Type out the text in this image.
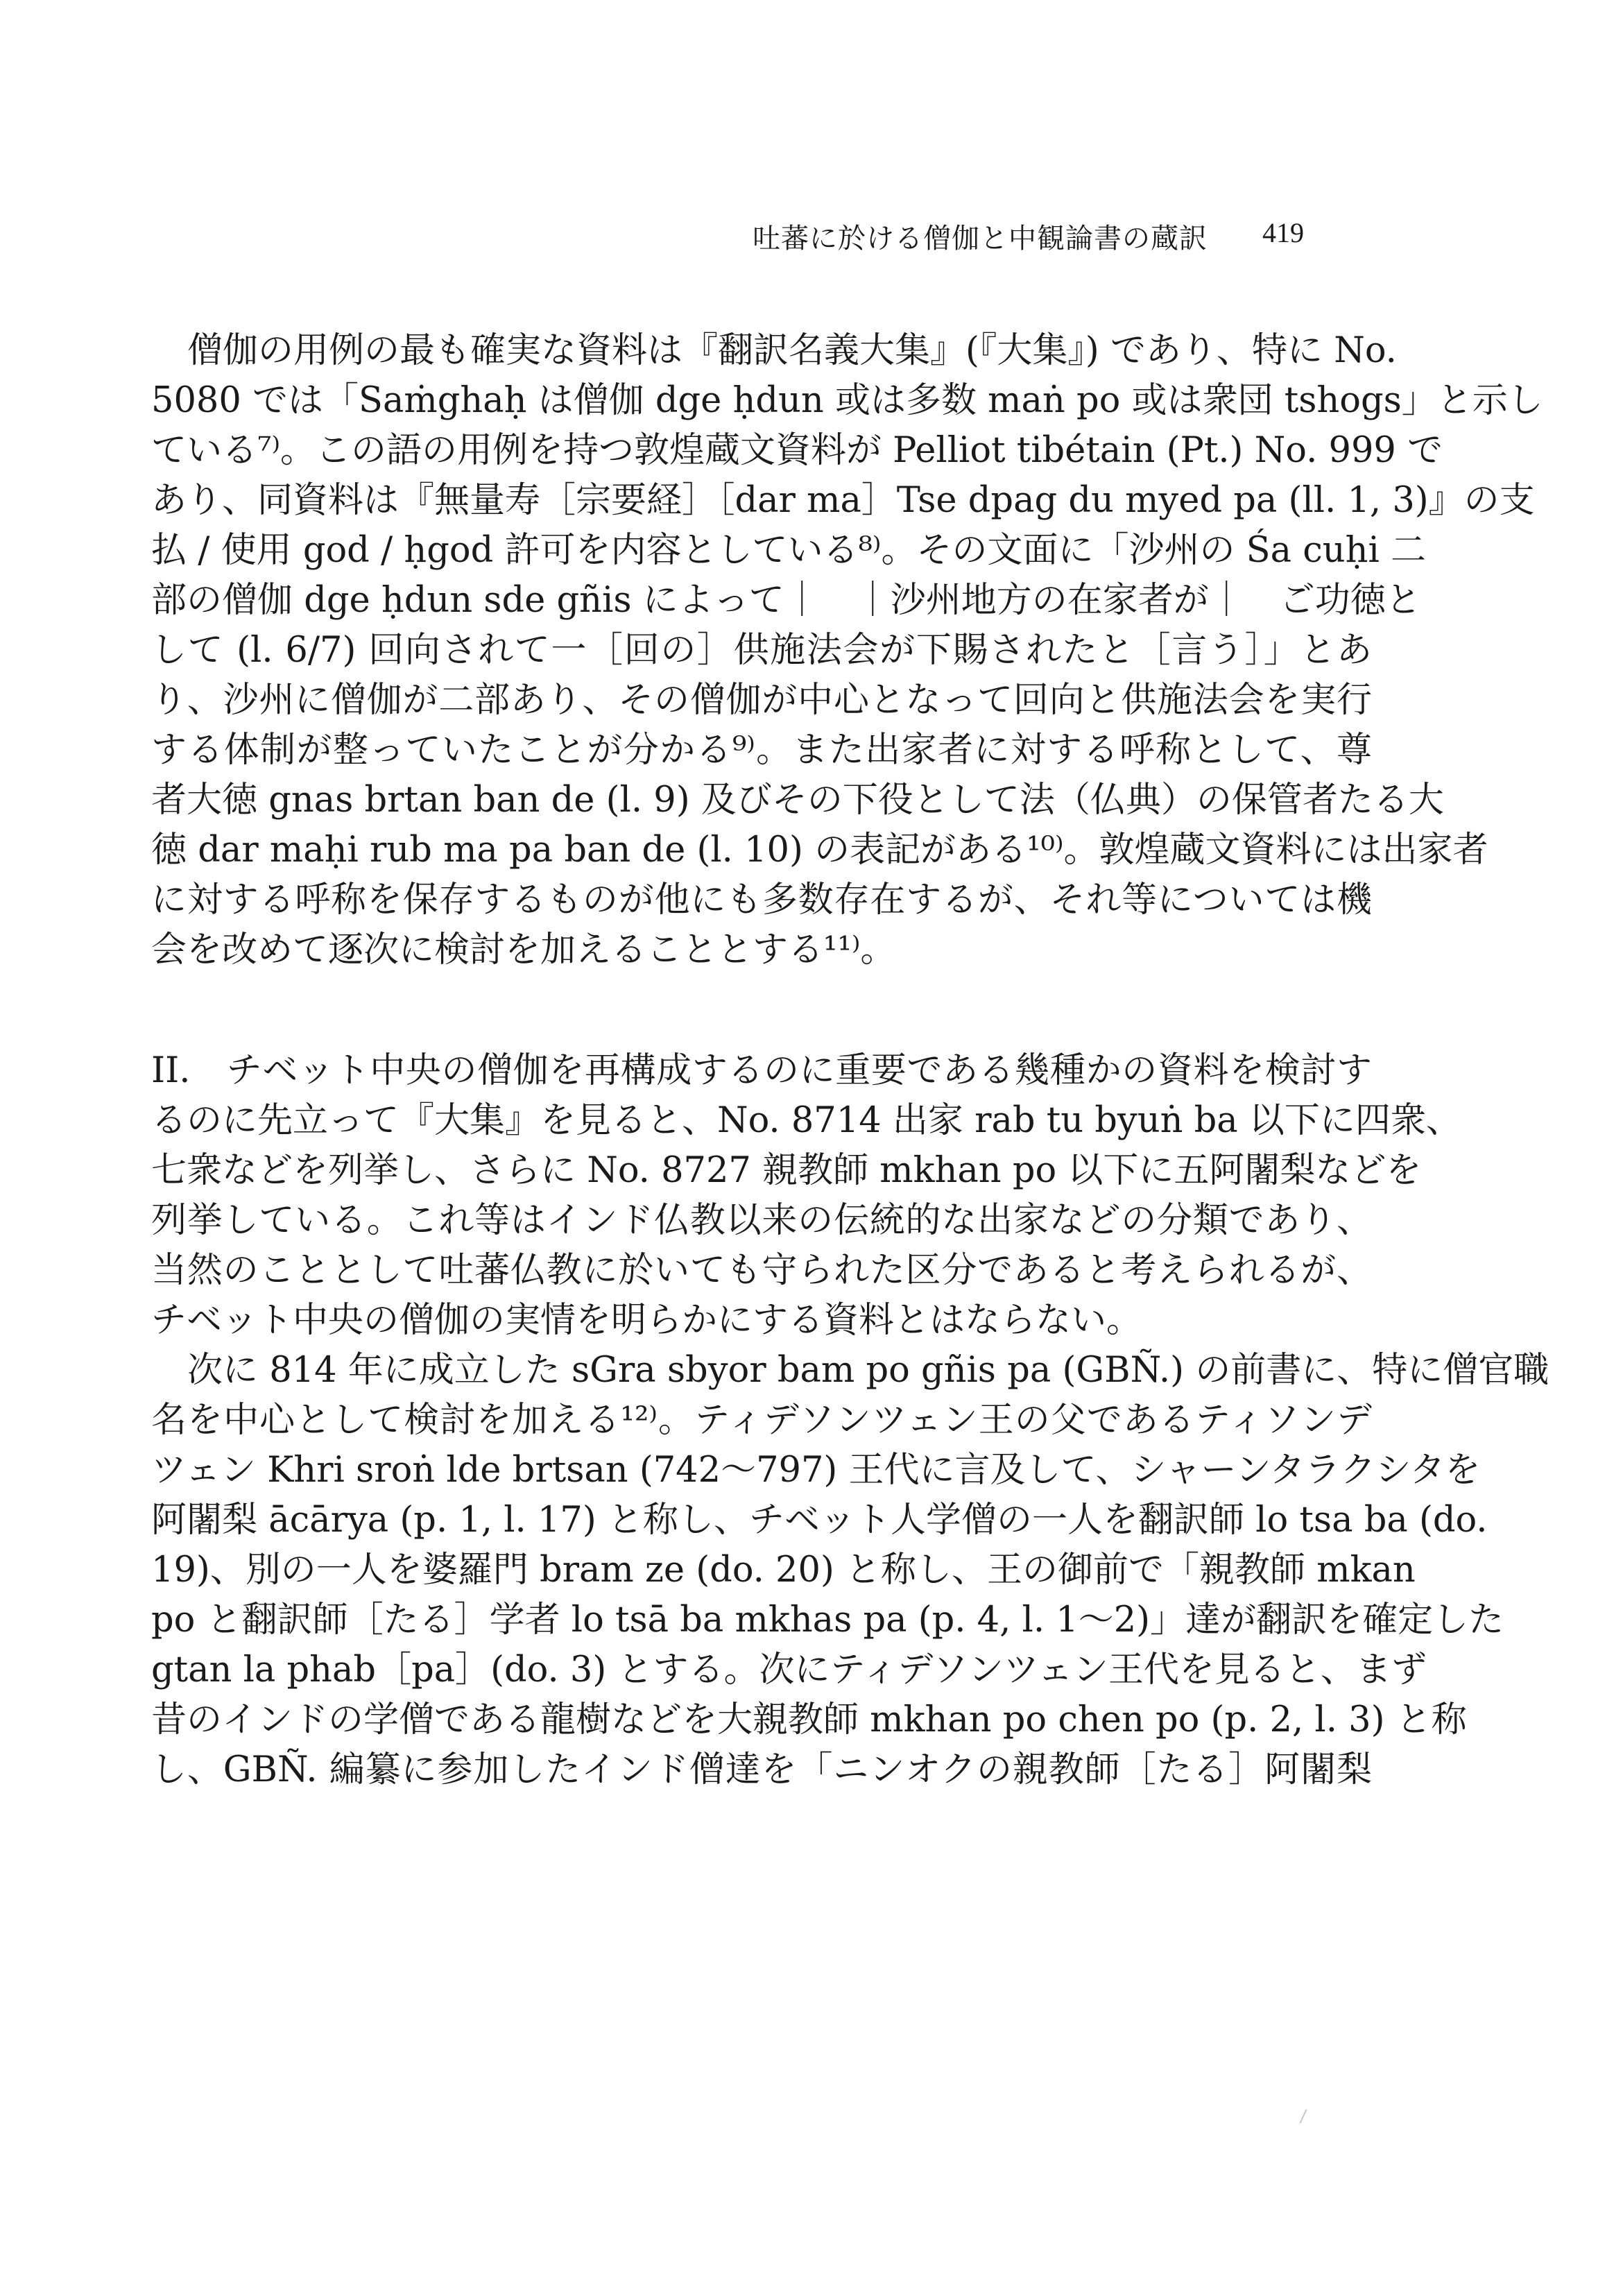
吐蕃に於ける僧伽と中観論書の蔵訳 419
僧伽の用例の最も確実な資料は『翻訳名義大集』(『大集』) であり、特に No.
5080 では「Saṁghaḥ は僧伽 dge ḥdun 或は多数 maṅ po 或は衆団 tshogs」と示し
ている⁷⁾。この語の用例を持つ敦煌蔵文資料が Pelliot tibétain (Pt.) No. 999 で
あり、同資料は『無量寿［宗要経］［dar ma］Tse dpag du myed pa (ll. 1, 3)』の支
払 / 使用 god / ḥgod 許可を内容としている⁸⁾。その文面に「沙州の Śa cuḥi 二
部の僧伽 dge ḥdun sde gñis によって｜　｜沙州地方の在家者が｜　ご功徳と
して (l. 6/7) 回向されて一［回の］供施法会が下賜されたと［言う］」とあ
り、沙州に僧伽が二部あり、その僧伽が中心となって回向と供施法会を実行
する体制が整っていたことが分かる⁹⁾。また出家者に対する呼称として、尊
者大徳 gnas brtan ban de (l. 9) 及びその下役として法（仏典）の保管者たる大
徳 dar maḥi rub ma pa ban de (l. 10) の表記がある¹⁰⁾。敦煌蔵文資料には出家者
に対する呼称を保存するものが他にも多数存在するが、それ等については機
会を改めて逐次に検討を加えることとする¹¹⁾。
II.　チベット中央の僧伽を再構成するのに重要である幾種かの資料を検討す
るのに先立って『大集』を見ると、No. 8714 出家 rab tu byuṅ ba 以下に四衆、
七衆などを列挙し、さらに No. 8727 親教師 mkhan po 以下に五阿闍梨などを
列挙している。これ等はインド仏教以来の伝統的な出家などの分類であり、
当然のこととして吐蕃仏教に於いても守られた区分であると考えられるが、
チベット中央の僧伽の実情を明らかにする資料とはならない。
次に 814 年に成立した sGra sbyor bam po gñis pa (GBÑ.) の前書に、特に僧官職
名を中心として検討を加える¹²⁾。ティデソンツェン王の父であるティソンデ
ツェン Khri sroṅ lde brtsan (742〜797) 王代に言及して、シャーンタラクシタを
阿闍梨 ācārya (p. 1, l. 17) と称し、チベット人学僧の一人を翻訳師 lo tsa ba (do.
19)、別の一人を婆羅門 bram ze (do. 20) と称し、王の御前で「親教師 mkan
po と翻訳師［たる］学者 lo tsā ba mkhas pa (p. 4, l. 1〜2)」達が翻訳を確定した
gtan la phab［pa］(do. 3) とする。次にティデソンツェン王代を見ると、まず
昔のインドの学僧である龍樹などを大親教師 mkhan po chen po (p. 2, l. 3) と称
し、GBÑ. 編纂に参加したインド僧達を「ニンオクの親教師［たる］阿闍梨
